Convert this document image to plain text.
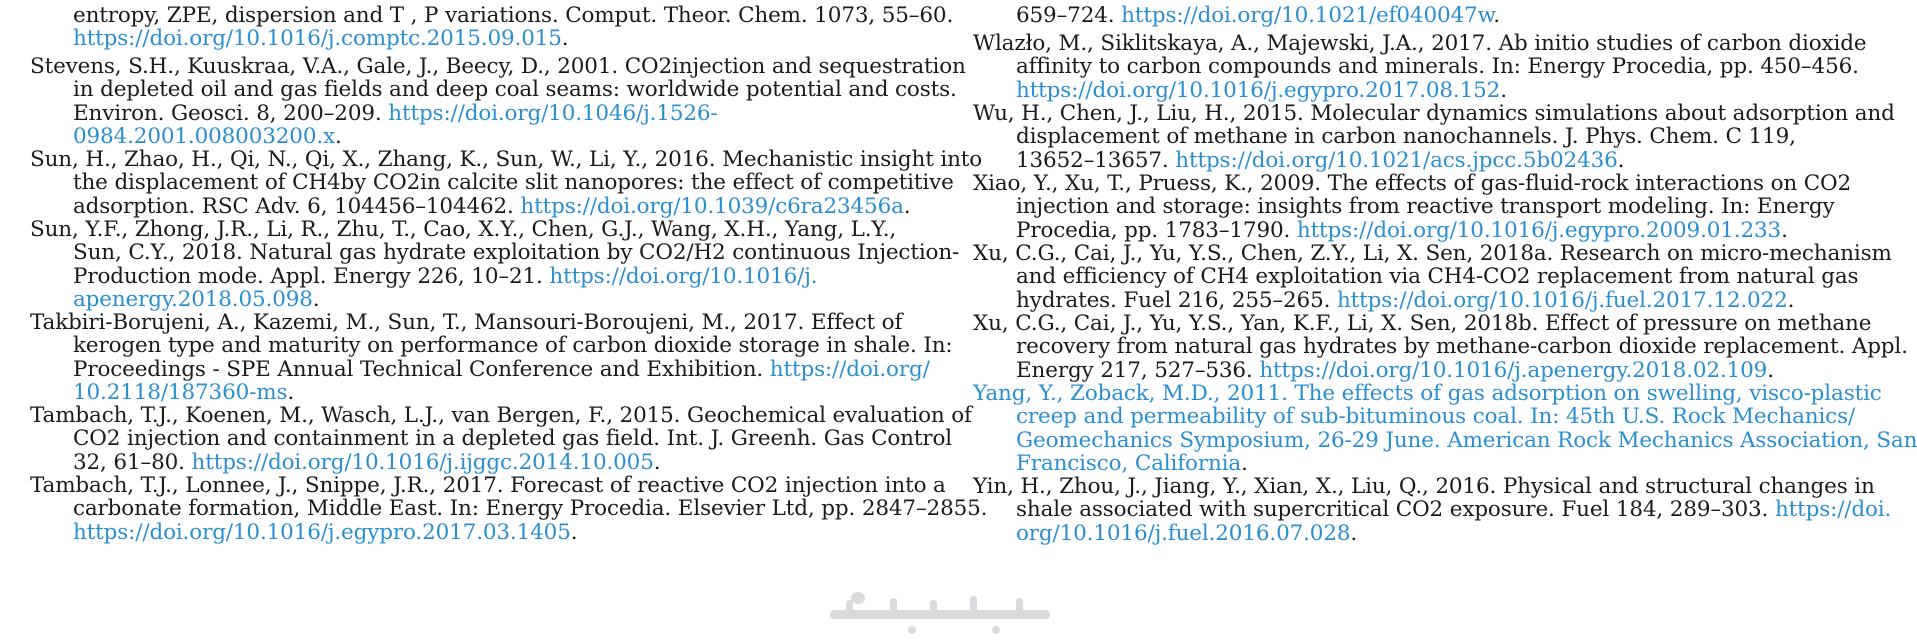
entropy, ZPE, dispersion and T , P variations. Comput. Theor. Chem. 1073, 55–60.
https://doi.org/10.1016/j.comptc.2015.09.015.
Stevens, S.H., Kuuskraa, V.A., Gale, J., Beecy, D., 2001. CO2injection and sequestration
in depleted oil and gas fields and deep coal seams: worldwide potential and costs.
Environ. Geosci. 8, 200–209. https://doi.org/10.1046/j.1526-
0984.2001.008003200.x.
Sun, H., Zhao, H., Qi, N., Qi, X., Zhang, K., Sun, W., Li, Y., 2016. Mechanistic insight into
the displacement of CH4by CO2in calcite slit nanopores: the effect of competitive
adsorption. RSC Adv. 6, 104456–104462. https://doi.org/10.1039/c6ra23456a.
Sun, Y.F., Zhong, J.R., Li, R., Zhu, T., Cao, X.Y., Chen, G.J., Wang, X.H., Yang, L.Y.,
Sun, C.Y., 2018. Natural gas hydrate exploitation by CO2/H2 continuous Injection-
Production mode. Appl. Energy 226, 10–21. https://doi.org/10.1016/j.
apenergy.2018.05.098.
Takbiri-Borujeni, A., Kazemi, M., Sun, T., Mansouri-Boroujeni, M., 2017. Effect of
kerogen type and maturity on performance of carbon dioxide storage in shale. In:
Proceedings - SPE Annual Technical Conference and Exhibition. https://doi.org/
10.2118/187360-ms.
Tambach, T.J., Koenen, M., Wasch, L.J., van Bergen, F., 2015. Geochemical evaluation of
CO2 injection and containment in a depleted gas field. Int. J. Greenh. Gas Control
32, 61–80. https://doi.org/10.1016/j.ijggc.2014.10.005.
Tambach, T.J., Lonnee, J., Snippe, J.R., 2017. Forecast of reactive CO2 injection into a
carbonate formation, Middle East. In: Energy Procedia. Elsevier Ltd, pp. 2847–2855.
https://doi.org/10.1016/j.egypro.2017.03.1405.
659–724. https://doi.org/10.1021/ef040047w.
Wlazło, M., Siklitskaya, A., Majewski, J.A., 2017. Ab initio studies of carbon dioxide
affinity to carbon compounds and minerals. In: Energy Procedia, pp. 450–456.
https://doi.org/10.1016/j.egypro.2017.08.152.
Wu, H., Chen, J., Liu, H., 2015. Molecular dynamics simulations about adsorption and
displacement of methane in carbon nanochannels. J. Phys. Chem. C 119,
13652–13657. https://doi.org/10.1021/acs.jpcc.5b02436.
Xiao, Y., Xu, T., Pruess, K., 2009. The effects of gas-fluid-rock interactions on CO2
injection and storage: insights from reactive transport modeling. In: Energy
Procedia, pp. 1783–1790. https://doi.org/10.1016/j.egypro.2009.01.233.
Xu, C.G., Cai, J., Yu, Y.S., Chen, Z.Y., Li, X. Sen, 2018a. Research on micro-mechanism
and efficiency of CH4 exploitation via CH4-CO2 replacement from natural gas
hydrates. Fuel 216, 255–265. https://doi.org/10.1016/j.fuel.2017.12.022.
Xu, C.G., Cai, J., Yu, Y.S., Yan, K.F., Li, X. Sen, 2018b. Effect of pressure on methane
recovery from natural gas hydrates by methane-carbon dioxide replacement. Appl.
Energy 217, 527–536. https://doi.org/10.1016/j.apenergy.2018.02.109.
Yang, Y., Zoback, M.D., 2011. The effects of gas adsorption on swelling, visco-plastic
creep and permeability of sub-bituminous coal. In: 45th U.S. Rock Mechanics/
Geomechanics Symposium, 26-29 June. American Rock Mechanics Association, San
Francisco, California.
Yin, H., Zhou, J., Jiang, Y., Xian, X., Liu, Q., 2016. Physical and structural changes in
shale associated with supercritical CO2 exposure. Fuel 184, 289–303. https://doi.
org/10.1016/j.fuel.2016.07.028.
